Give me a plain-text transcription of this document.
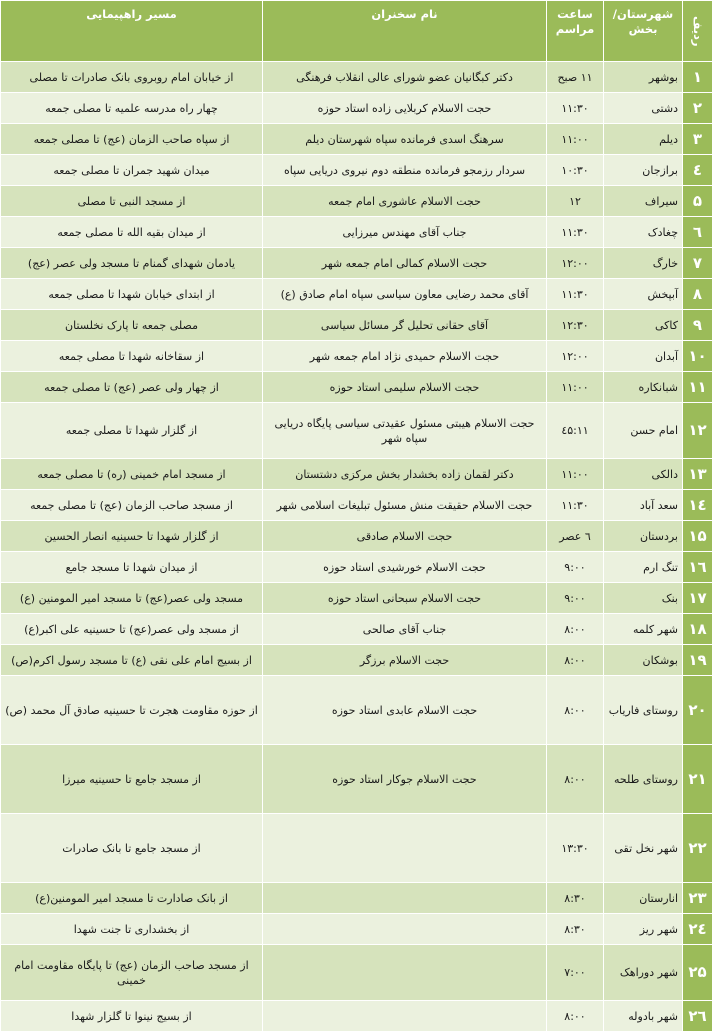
ردیف	شهرستان/ بخش	ساعت مراسم	نام سخنران	مسیر راهپیمایی
۱	بوشهر	۱۱ صبح	دکتر کبگانیان عضو شورای عالی انقلاب فرهنگی	از خیابان امام روبروی بانک صادرات تا مصلی
۲	دشتی	۱۱:۳۰	حجت الاسلام کربلایی زاده استاد حوزه	چهار راه مدرسه علمیه تا مصلی جمعه
۳	دیلم	۱۱:۰۰	سرهنگ اسدی فرمانده سپاه شهرستان دیلم	از سپاه صاحب الزمان (عج) تا مصلی جمعه
٤	برازجان	۱۰:۳۰	سردار رزمجو فرمانده منطقه دوم نیروی دریایی سپاه	میدان شهید جمران تا مصلی جمعه
۵	سیراف	۱۲	حجت الاسلام عاشوری امام جمعه	از مسجد النبی تا مصلی
٦	چغادک	۱۱:۳۰	جناب آقای مهندس میرزایی	از میدان بقیه الله تا مصلی جمعه
۷	خارگ	۱۲:۰۰	حجت الاسلام کمالی امام جمعه شهر	یادمان شهدای گمنام تا مسجد ولی عصر (عج)
۸	آبپخش	۱۱:۳۰	آقای محمد رضایی معاون سیاسی سپاه امام صادق (ع)	از ابتدای خیابان شهدا تا مصلی جمعه
۹	کاکی	۱۲:۳۰	آقای حقانی تحلیل گر مسائل سیاسی	مصلی جمعه تا پارک نخلستان
۱۰	آبدان	۱۲:۰۰	حجت الاسلام حمیدی نژاد امام جمعه شهر	از سقاخانه شهدا تا مصلی جمعه
۱۱	شبانکاره	۱۱:۰۰	حجت الاسلام سلیمی استاد حوزه	از چهار ولی عصر (عج) تا مصلی جمعه
۱۲	امام حسن	۱۱:٤۵	حجت الاسلام هیبتی مسئول عقیدتی سیاسی پایگاه دریایی سپاه شهر	از گلزار شهدا تا مصلی جمعه
۱۳	دالکی	۱۱:۰۰	دکتر لقمان زاده بخشدار بخش مرکزی دشتستان	از مسجد امام خمینی (ره) تا مصلی جمعه
۱٤	سعد آباد	۱۱:۳۰	حجت الاسلام حقیقت منش مسئول تبلیغات اسلامی شهر	از مسجد صاحب الزمان (عج) تا مصلی جمعه
۱۵	بردستان	٦ عصر	حجت الاسلام صادقی	از گلزار شهدا تا حسینیه انصار الحسین
۱٦	تنگ ارم	۹:۰۰	حجت الاسلام خورشیدی استاد حوزه	از میدان شهدا تا مسجد جامع
۱۷	بنک	۹:۰۰	حجت الاسلام سبحانی استاد حوزه	مسجد ولی عصر(عج) تا مسجد امیر المومنین (ع)
۱۸	شهر کلمه	۸:۰۰	جناب آقای صالحی	از مسجد ولی عصر(عج) تا حسینیه علی اکبر(ع)
۱۹	بوشکان	۸:۰۰	حجت الاسلام برزگر	از بسیج امام علی نقی (ع) تا مسجد رسول اکرم(ص)
۲۰	روستای فاریاب	۸:۰۰	حجت الاسلام عابدی استاد حوزه	از حوزه مقاومت هجرت تا حسینیه صادق آل محمد (ص)
۲۱	روستای طلحه	۸:۰۰	حجت الاسلام جوکار استاد حوزه	از مسجد جامع تا حسینیه میرزا
۲۲	شهر نخل تقی	۱۳:۳۰		از مسجد جامع تا بانک صادرات
۲۳	انارستان	۸:۳۰		از بانک صادارت تا مسجد امیر المومنین(ع)
۲٤	شهر ریز	۸:۳۰		از بخشداری تا جنت شهدا
۲۵	شهر دوراهک	۷:۰۰		از مسجد صاحب الزمان (عج) تا پایگاه مقاومت امام خمینی
۲٦	شهر بادوله	۸:۰۰		از بسیج نینوا تا گلزار شهدا
